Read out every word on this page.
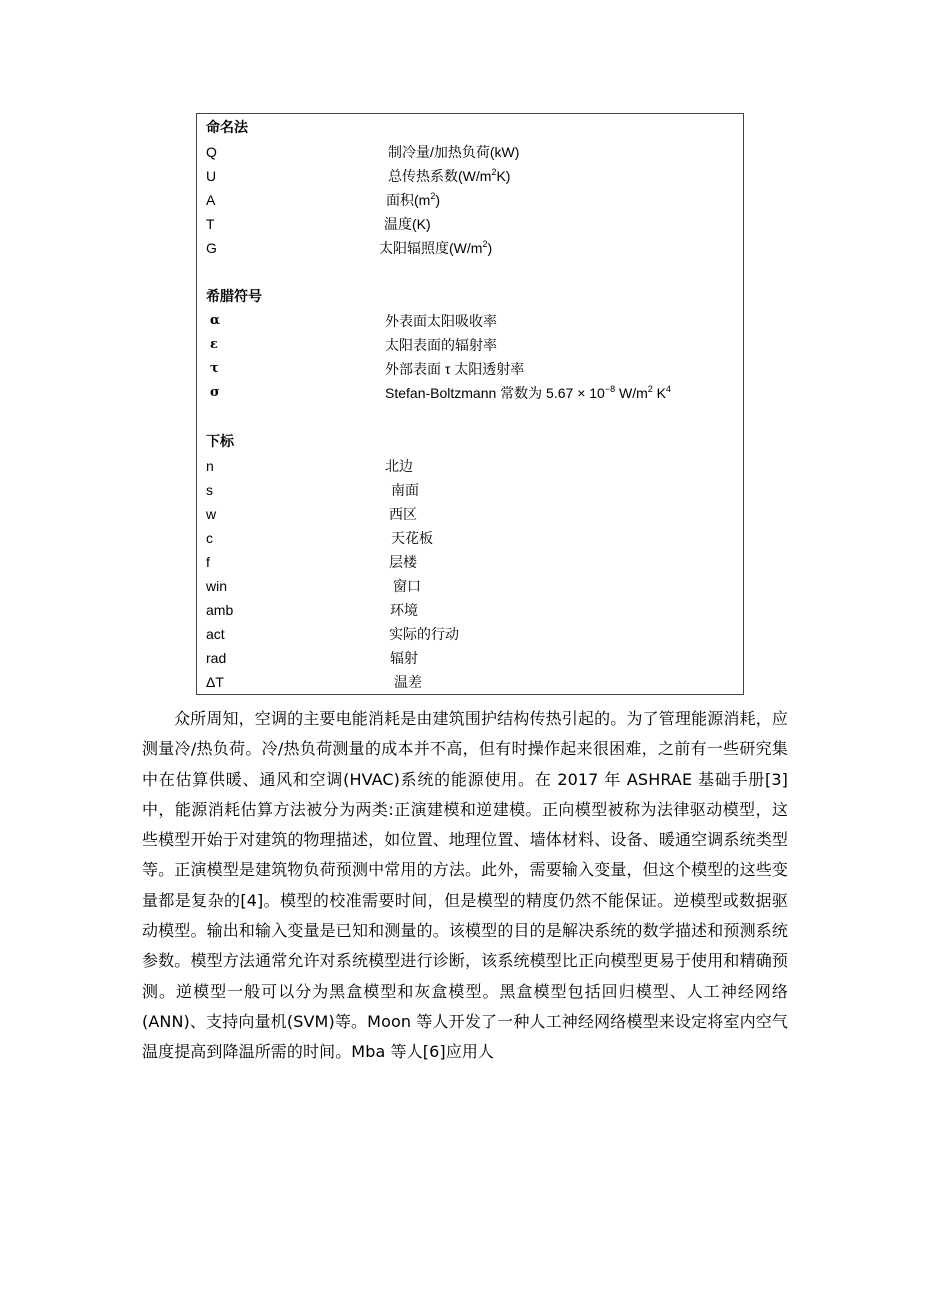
命名法
Q	制冷量/加热负荷(kW)
U	总传热系数$(W/m^2K)$
A	面积$(m^2)$
T	温度(K)
G	太阳辐照度$(W/m^2)$
希腊符号
α	外表面太阳吸收率
ε	太阳表面的辐射率
τ	外部表面 τ 太阳透射率
σ	Stefan-Boltzmann 常数为 $5.67 \times 10^{-8}$ $W/m^2$ $K^4$
下标
n	北边
s	南面
w	西区
c	天花板
f	层楼
win	窗口
amb	环境
act	实际的行动
rad	辐射
ΔT	温差

众所周知，空调的主要电能消耗是由建筑围护结构传热引起的。为了管理能源消耗，应测量冷/热负荷。冷/热负荷测量的成本并不高，但有时操作起来很困难，之前有一些研究集中在估算供暖、通风和空调(HVAC)系统的能源使用。在 2017 年 ASHRAE 基础手册[3]中，能源消耗估算方法被分为两类:正演建模和逆建模。正向模型被称为法律驱动模型，这些模型开始于对建筑的物理描述，如位置、地理位置、墙体材料、设备、暖通空调系统类型等。正演模型是建筑物负荷预测中常用的方法。此外，需要输入变量，但这个模型的这些变量都是复杂的[4]。模型的校准需要时间，但是模型的精度仍然不能保证。逆模型或数据驱动模型。输出和输入变量是已知和测量的。该模型的目的是解决系统的数学描述和预测系统参数。模型方法通常允许对系统模型进行诊断，该系统模型比正向模型更易于使用和精确预测。逆模型一般可以分为黑盒模型和灰盒模型。黑盒模型包括回归模型、人工神经网络(ANN)、支持向量机(SVM)等。Moon 等人开发了一种人工神经网络模型来设定将室内空气温度提高到降温所需的时间。Mba 等人[6]应用人
